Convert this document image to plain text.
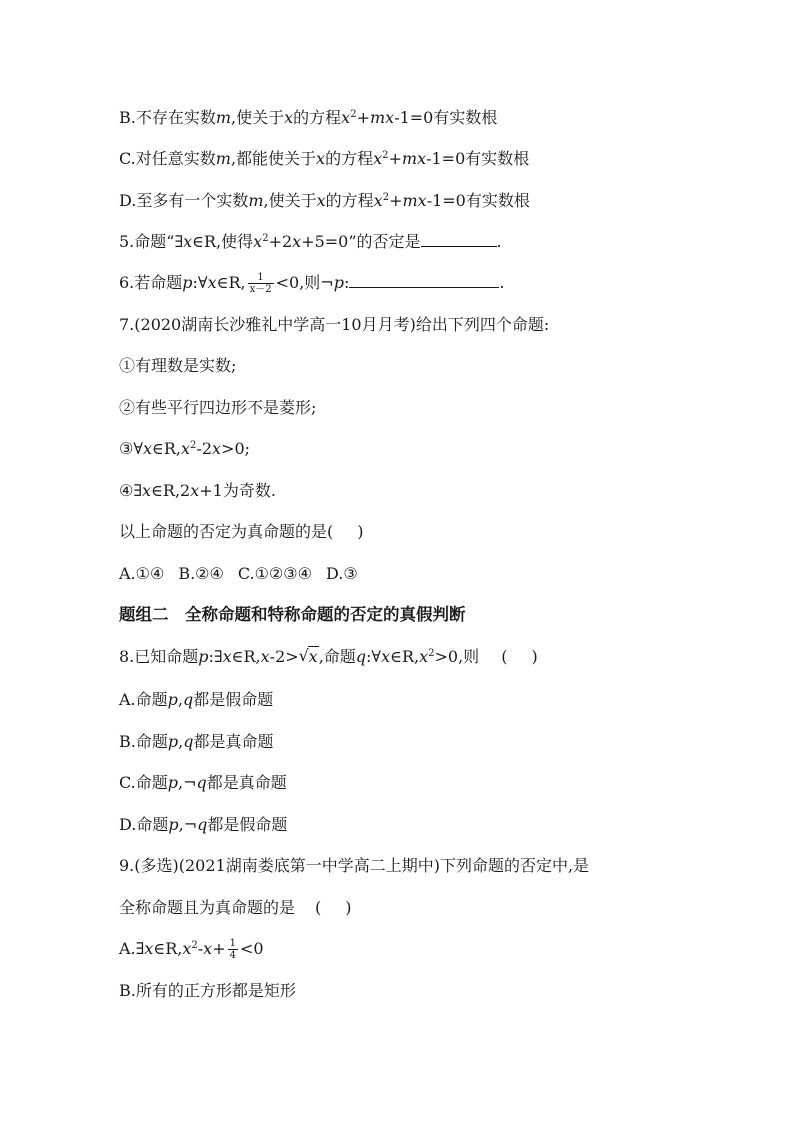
B.不存在实数m,使关于x的方程$x^2+mx-1=0$有实数根
C.对任意实数m,都能使关于x的方程$x^2+mx-1=0$有实数根
D.至多有一个实数m,使关于x的方程$x^2+mx-1=0$有实数根
5.命题“∃x∈R,使得$x^2+2x+5=0$”的否定是	.
6.若命题p:∀x∈R, $\frac{1}{x-2} <0$,则¬p:	.
7.(2020湖南长沙雅礼中学高一10月月考)给出下列四个命题:
①有理数是实数;
②有些平行四边形不是菱形;
$③\forall x\in R,x^2-2x>0$;
④∃x∈R,2x+1为奇数.
以上命题的否定为真命题的是( )
A.①④ B.②④ C.①②③④ D.③
题组二　全称命题和特称命题的否定的真假判断
8.已知命题p:∃x∈R,x-2> √ x,命题$q:\forall x\in R,x^2>0$,则 ( )
A.命题p,q都是假命题
B.命题p,q都是真命题
C.命题p,¬q都是真命题
D.命题p,¬q都是假命题
9.(多选)(2021湖南娄底第一中学高二上期中)下列命题的否定中,是
全称命题且为真命题的是 ( )
$A.\exists x\in R,x^2-x+ \frac{1}{4} <0$
B.所有的正方形都是矩形
